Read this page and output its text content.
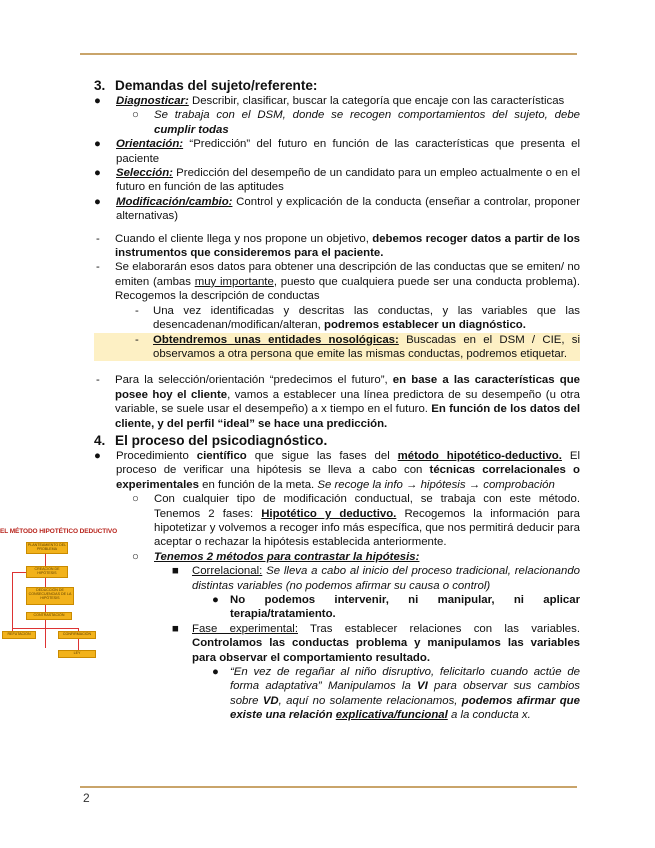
3. Demandas del sujeto/referente:

● Diagnosticar: Describir, clasificar, buscar la categoría que encaje con las características
○ Se trabaja con el DSM, donde se recogen comportamientos del sujeto, debe cumplir todas
● Orientación: “Predicción” del futuro en función de las características que presenta el paciente
● Selección: Predicción del desempeño de un candidato para un empleo actualmente o en el futuro en función de las aptitudes
● Modificación/cambio: Control y explicación de la conducta (enseñar a controlar, proponer alternativas)
- Cuando el cliente llega y nos propone un objetivo, debemos recoger datos a partir de los instrumentos que consideremos para el paciente.
- Se elaborarán esos datos para obtener una descripción de las conductas que se emiten/ no emiten (ambas muy importante, puesto que cualquiera puede ser una conducta problema). Recogemos la descripción de conductas
- Una vez identificadas y descritas las conductas, y las variables que las desencadenan/modifican/alteran, podremos establecer un diagnóstico.
- Obtendremos unas entidades nosológicas: Buscadas en el DSM / CIE, si observamos a otra persona que emite las mismas conductas, podremos etiquetar.
- Para la selección/orientación “predecimos el futuro”, en base a las características que posee hoy el cliente, vamos a establecer una línea predictora de su desempeño (u otra variable, se suele usar el desempeño) a x tiempo en el futuro. En función de los datos del cliente, y del perfil “ideal” se hace una predicción.

4. El proceso del psicodiagnóstico.

● Procedimiento científico que sigue las fases del método hipotético-deductivo. El proceso de verificar una hipótesis se lleva a cabo con técnicas correlacionales o experimentales en función de la meta. Se recoge la info → hipótesis → comprobación
○ Con cualquier tipo de modificación conductual, se trabaja con este método. Tenemos 2 fases: Hipotético y deductivo. Recogemos la información para hipotetizar y volvemos a recoger info más específica, que nos permitirá deducir para aceptar o rechazar la hipótesis establecida anteriormente.
○ Tenemos 2 métodos para contrastar la hipótesis:
■ Correlacional: Se lleva a cabo al inicio del proceso tradicional, relacionando distintas variables (no podemos afirmar su causa o control)
● No podemos intervenir, ni manipular, ni aplicar terapia/tratamiento.
■ Fase experimental: Tras establecer relaciones con las variables. Controlamos las conductas problema y manipulamos las variables para observar el comportamiento resultado.
● “En vez de regañar al niño disruptivo, felicitarlo cuando actúe de forma adaptativa” Manipulamos la VI para observar sus cambios sobre VD, aquí no solamente relacionamos, podemos afirmar que existe una relación explicativa/funcional a la conducta x.
EL MÉTODO HIPOTÉTICO DEDUCTIVO
PLANTEAMIENTO DEL PROBLEMA
CREACIÓN DE HIPÓTESIS
DEDUCCIÓN DE CONSECUENCIAS DE LA HIPÓTESIS
CONTRASTACIÓN
REFUTACIÓN	CONFIRMACIÓN
LEY
2
